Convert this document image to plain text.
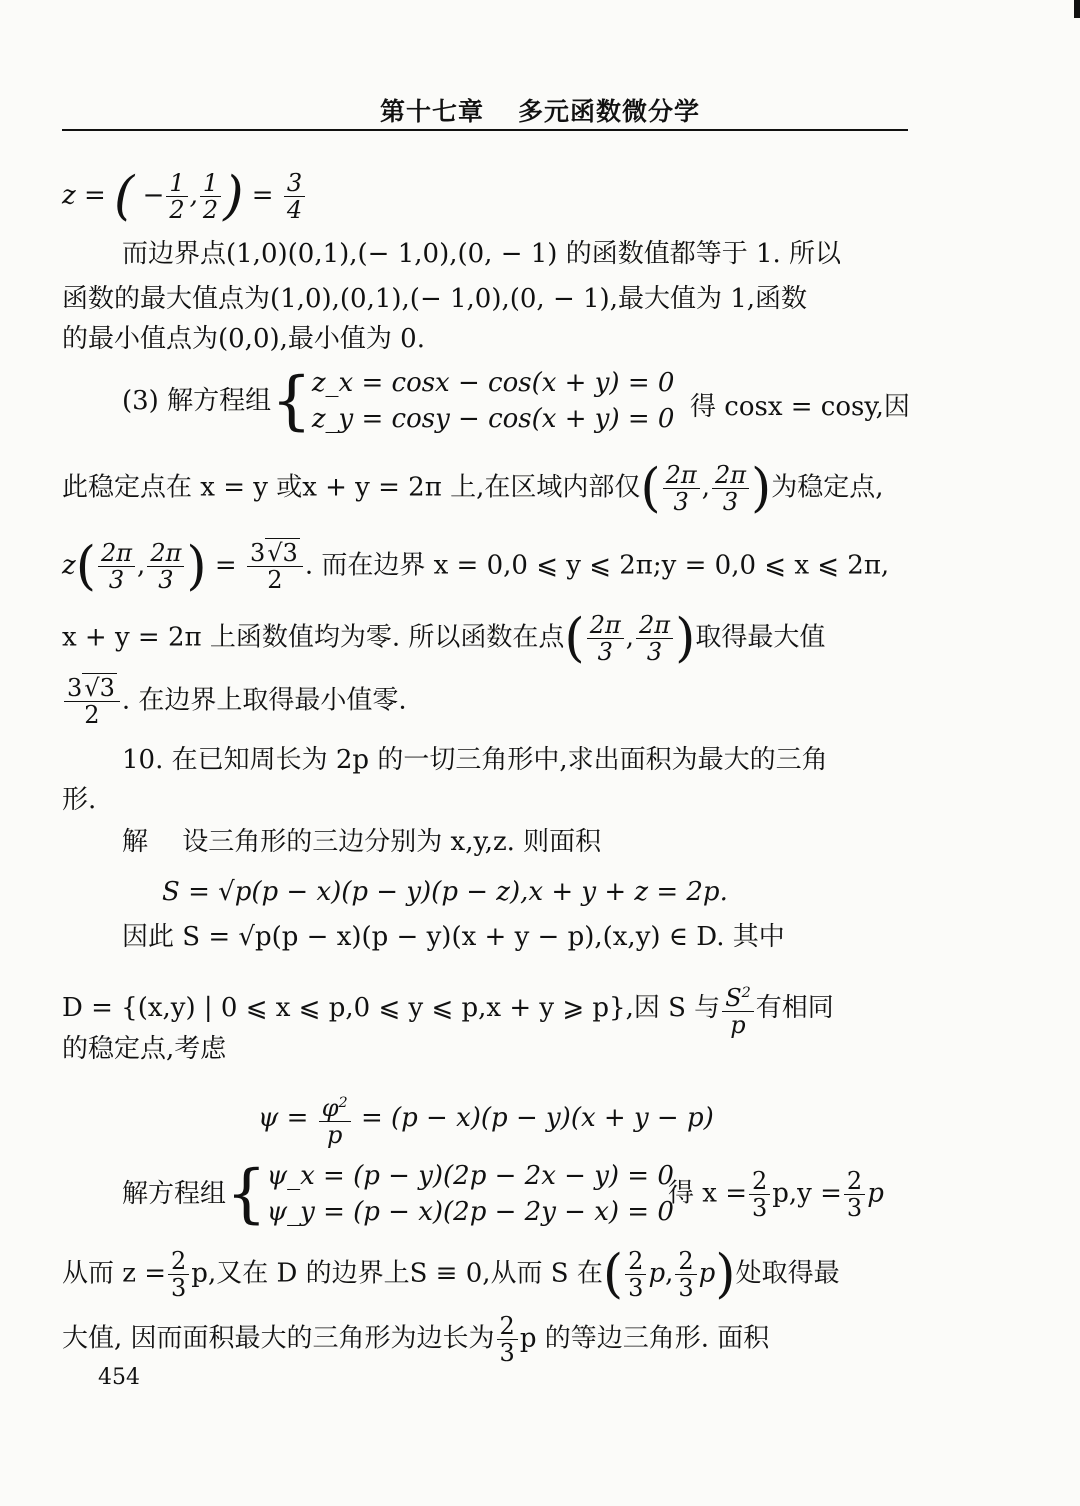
第十七章 多元函数微分学
z = ( − $\frac{1}{2}$ , $\frac{1}{2}$ ) = $\frac{3}{4}$
而边界点(1,0)(0,1),(− 1,0),(0, − 1) 的函数值都等于 1. 所以
函数的最大值点为(1,0),(0,1),(− 1,0),(0, − 1),最大值为 1,函数
的最小值点为(0,0),最小值为 0.
(3) 解方程组{ z_x = cosx − cos(x + y) = 0
z_y = cosy − cos(x + y) = 0 得 cosx = cosy,因
此稳定点在 x = y 或x + y = 2π 上,在区域内部仅( $\frac{2\pi}{3}$ , $\frac{2\pi}{3}$ )为稳定点,
$z( \frac{2\pi}{3}$ , $\frac{2\pi}{3}$ ) = $\frac{3√3}{2}$ . 而在边界 x = 0,0 ⩽ y ⩽ 2π;y = 0,0 ⩽ x ⩽ 2π,
x + y = 2π 上函数值均为零. 所以函数在点( $\frac{2\pi}{3}$ , $\frac{2\pi}{3}$ )取得最大值
$\frac{3√3}{2}$ . 在边界上取得最小值零.
10. 在已知周长为 2p 的一切三角形中,求出面积为最大的三角
形.
解 　设三角形的三边分别为 x,y,z. 则面积
S = √p(p − x)(p − y)(p − z),x + y + z = 2p.
因此 S = √p(p − x)(p − y)(x + y − p),(x,y) ∈ D. 其中
D = {(x,y) | 0 ⩽ x ⩽ p,0 ⩽ y ⩽ p,x + y ⩾ p},因 S 与 $\frac{S^2}{p}$ 有相同
的稳定点,考虑
$\psi = \frac{\varphi^2}{p} = (p - x)(p - y)(x + y - p)$
解方程组{ ψ_x = (p − y)(2p − 2x − y) = 0
ψ_y = (p − x)(2p − 2y − x) = 0
得 $x = \frac{2}{3} p,y = \frac{2}{3}$ p
从而 $z = \frac{2}{3} p$,又在 D 的边界上S ≡ 0,从而 S 在( $\frac{2}{3} p$, $\frac{2}{3} p$)处取得最
大值, 因而面积最大的三角形为边长为 $\frac{2}{3}$ p 的等边三角形. 面积
454
